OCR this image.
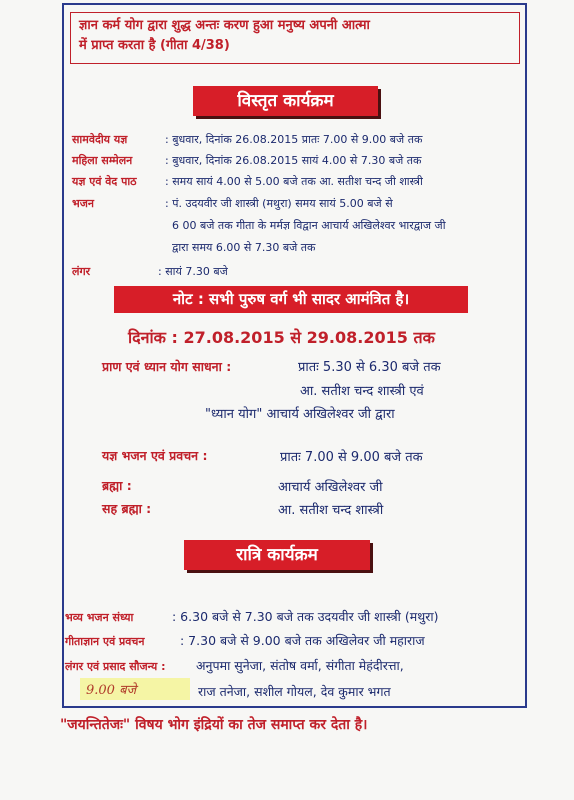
ज्ञान कर्म योग द्वारा शुद्ध अन्तः करण हुआ मनुष्य अपनी आत्मा
में प्राप्त करता है (गीता 4/38)
विस्तृत कार्यक्रम
सामवेदीय यज्ञ	: बुधवार, दिनांक 26.08.2015 प्रातः 7.00 से 9.00 बजे तक
महिला सम्मेलन	: बुधवार, दिनांक 26.08.2015 सायं 4.00 से 7.30 बजे तक
यज्ञ एवं वेद पाठ	: समय सायं 4.00 से 5.00 बजे तक आ. सतीश चन्द जी शास्त्री
भजन	: पं. उदयवीर जी शास्त्री (मथुरा) समय सायं 5.00 बजे से
6 00 बजे तक गीता के मर्मज्ञ विद्वान आचार्य अखिलेश्वर भारद्वाज जी
द्वारा समय 6.00 से 7.30 बजे तक
लंगर	: सायं 7.30 बजे
नोट : सभी पुरुष वर्ग भी सादर आमंत्रित है।
दिनांक : 27.08.2015 से 29.08.2015 तक
प्राण एवं ध्यान योग साधना :	प्रातः 5.30 से 6.30 बजे तक
आ. सतीश चन्द शास्त्री एवं
"ध्यान योग" आचार्य अखिलेश्वर जी द्वारा
यज्ञ भजन एवं प्रवचन :	प्रातः 7.00 से 9.00 बजे तक
ब्रह्मा :	आचार्य अखिलेश्वर जी
सह ब्रह्मा :	आ. सतीश चन्द शास्त्री
रात्रि कार्यक्रम
भव्य भजन संध्या	: 6.30 बजे से 7.30 बजे तक उदयवीर जी शास्त्री (मथुरा)
गीताज्ञान एवं प्रवचन	: 7.30 बजे से 9.00 बजे तक अखिलेवर जी महाराज
लंगर एवं प्रसाद सौजन्य : अनुपमा सुनेजा, संतोष वर्मा, संगीता मेहंदीरत्ता,
राज तनेजा, सशील गोयल, देव कुमार भगत
9.00 बजे
"जयन्तितेजः" विषय भोग इंद्रियों का तेज समाप्त कर देता है।
